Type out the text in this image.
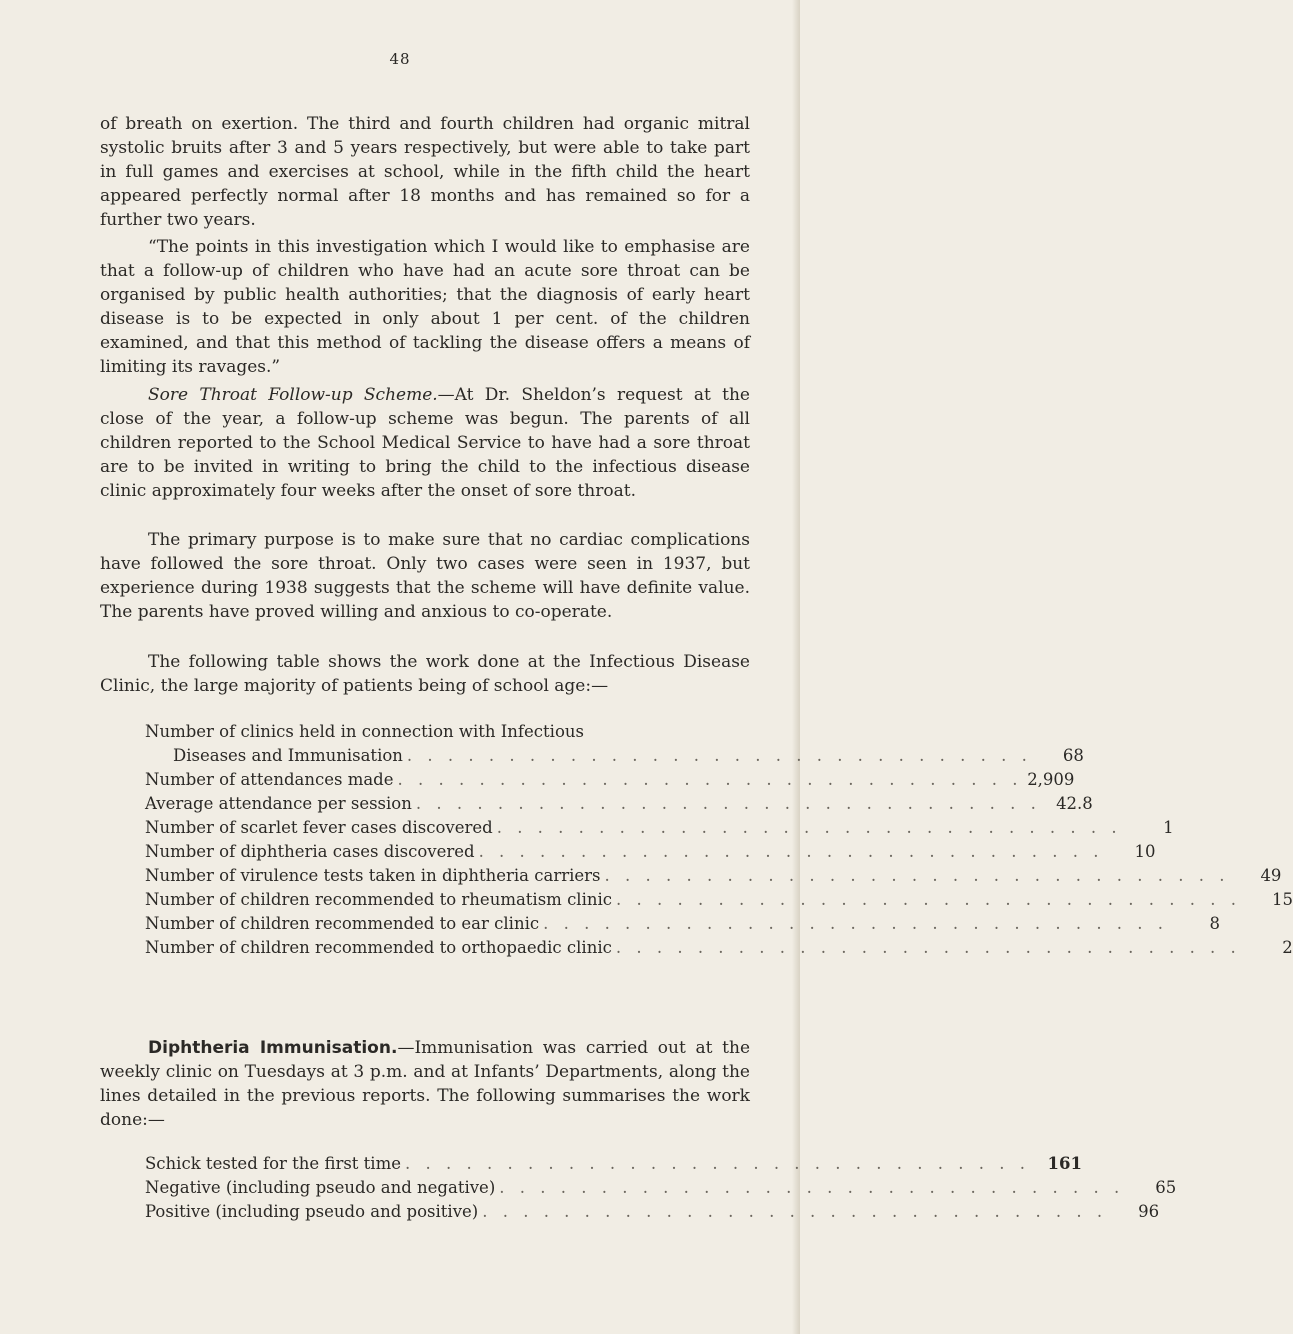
48

of breath on exertion. The third and fourth children had organic mitral systolic bruits after 3 and 5 years respectively, but were able to take part in full games and exercises at school, while in the fifth child the heart appeared perfectly normal after 18 months and has remained so for a further two years.

“The points in this investigation which I would like to emphasise are that a follow-up of children who have had an acute sore throat can be organised by public health authorities; that the diagnosis of early heart disease is to be expected in only about 1 per cent. of the children examined, and that this method of tackling the disease offers a means of limiting its ravages.”

Sore Throat Follow-up Scheme.—At Dr. Sheldon’s request at the close of the year, a follow-up scheme was begun. The parents of all children reported to the School Medical Service to have had a sore throat are to be invited in writing to bring the child to the infectious disease clinic approximately four weeks after the onset of sore throat.

The primary purpose is to make sure that no cardiac complications have followed the sore throat. Only two cases were seen in 1937, but experience during 1938 suggests that the scheme will have definite value. The parents have proved willing and anxious to co-operate.

The following table shows the work done at the Infectious Disease Clinic, the large majority of patients being of school age:—

Number of clinics held in connection with Infectious
Diseases and Immunisation . . . . . . . . . . . . . . . . . . . . . . . . . . . . . . .	68
Number of attendances made . . . . . . . . . . . . . . . . . . . . . . . . . . . . . . . 2,909
Average attendance per session . . . . . . . . . . . . . . . . . . . . . . . . . . . . . . . 42.8
Number of scarlet fever cases discovered . . . . . . . . . . . . . . . . . . . . . . . . . . . . . . .	1
Number of diphtheria cases discovered . . . . . . . . . . . . . . . . . . . . . . . . . . . . . . .	10
Number of virulence tests taken in diphtheria carriers . . . . . . . . . . . . . . . . . . . . . . . . . . . . . . .	49
Number of children recommended to rheumatism clinic . . . . . . . . . . . . . . . . . . . . . . . . . . . . . . .	15
Number of children recommended to ear clinic . . . . . . . . . . . . . . . . . . . . . . . . . . . . . . .	8
Number of children recommended to orthopaedic clinic . . . . . . . . . . . . . . . . . . . . . . . . . . . . . . .	2

Diphtheria Immunisation.—Immunisation was carried out at the weekly clinic on Tuesdays at 3 p.m. and at Infants’ Departments, along the lines detailed in the previous reports. The following summarises the work done:—

Schick tested for the first time . . . . . . . . . . . . . . . . . . . . . . . . . . . . . . .	161
Negative (including pseudo and negative) . . . . . . . . . . . . . . . . . . . . . . . . . . . . . . .	65
Positive (including pseudo and positive) . . . . . . . . . . . . . . . . . . . . . . . . . . . . . . .	96
